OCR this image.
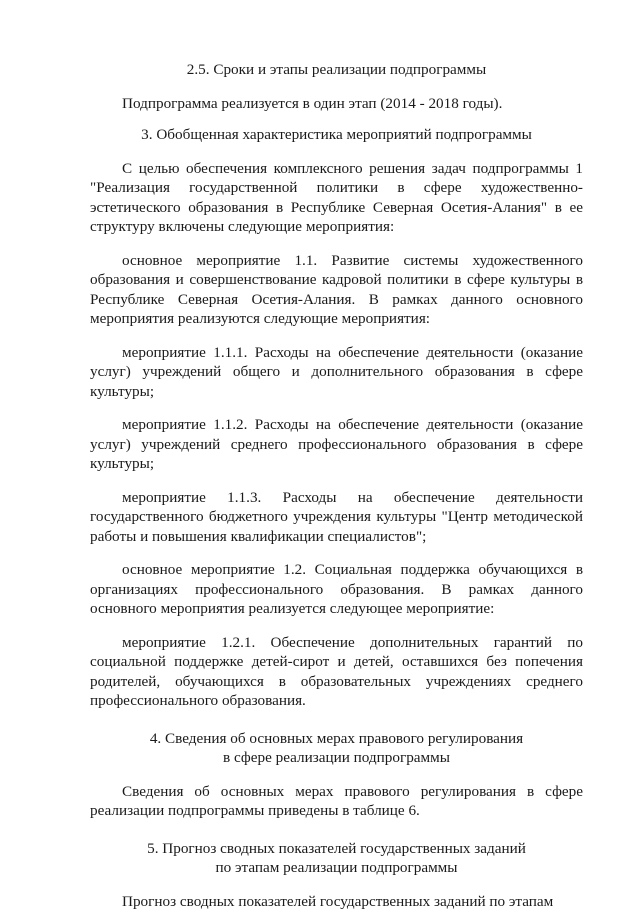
2.5. Сроки и этапы реализации подпрограммы

Подпрограмма реализуется в один этап (2014 - 2018 годы).

3. Обобщенная характеристика мероприятий подпрограммы

С целью обеспечения комплексного решения задач подпрограммы 1 "Реализация государственной политики в сфере художественно-эстетического образования в Республике Северная Осетия-Алания" в ее структуру включены следующие мероприятия:

основное мероприятие 1.1. Развитие системы художественного образования и совершенствование кадровой политики в сфере культуры в Республике Северная Осетия-Алания. В рамках данного основного мероприятия реализуются следующие мероприятия:

мероприятие 1.1.1. Расходы на обеспечение деятельности (оказание услуг) учреждений общего и дополнительного образования в сфере культуры;

мероприятие 1.1.2. Расходы на обеспечение деятельности (оказание услуг) учреждений среднего профессионального образования в сфере культуры;

мероприятие 1.1.3. Расходы на обеспечение деятельности государственного бюджетного учреждения культуры "Центр методической работы и повышения квалификации специалистов";

основное мероприятие 1.2. Социальная поддержка обучающихся в организациях профессионального образования. В рамках данного основного мероприятия реализуется следующее мероприятие:

мероприятие 1.2.1. Обеспечение дополнительных гарантий по социальной поддержке детей-сирот и детей, оставшихся без попечения родителей, обучающихся в образовательных учреждениях среднего профессионального образования.

4. Сведения об основных мерах правового регулирования
в сфере реализации подпрограммы

Сведения об основных мерах правового регулирования в сфере реализации подпрограммы приведены в таблице 6.

5. Прогноз сводных показателей государственных заданий
по этапам реализации подпрограммы

Прогноз сводных показателей государственных заданий по этапам
